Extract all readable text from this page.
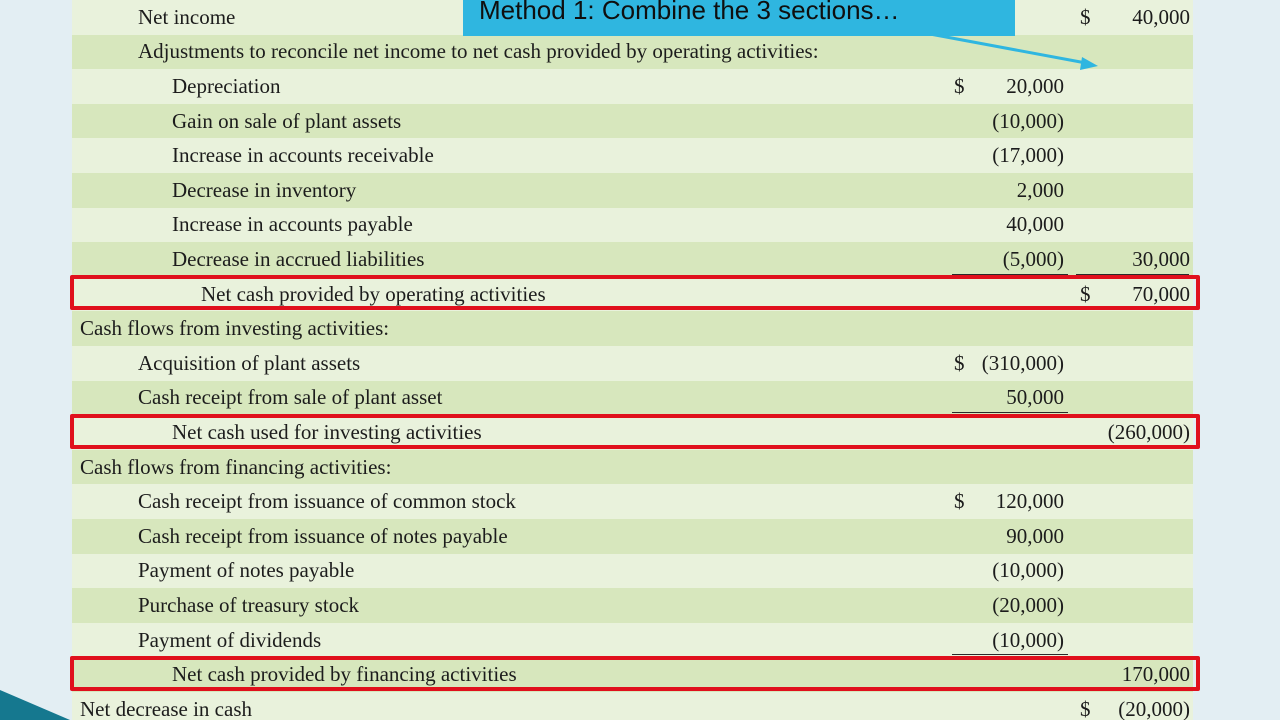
Net income	$ 40,000
Adjustments to reconcile net income to net cash provided by operating activities:
Depreciation	$ 20,000
Gain on sale of plant assets	(10,000)
Increase in accounts receivable	(17,000)
Decrease in inventory	2,000
Increase in accounts payable	40,000
Decrease in accrued liabilities	(5,000)	30,000
Net cash provided by operating activities	$ 70,000
Cash flows from investing activities:
Acquisition of plant assets	$ (310,000)
Cash receipt from sale of plant asset	50,000
Net cash used for investing activities	(260,000)
Cash flows from financing activities:
Cash receipt from issuance of common stock	$ 120,000
Cash receipt from issuance of notes payable	90,000
Payment of notes payable	(10,000)
Purchase of treasury stock	(20,000)
Payment of dividends	(10,000)
Net cash provided by financing activities	170,000
Net decrease in cash	$ (20,000)
Method 1: Combine the 3 sections…
